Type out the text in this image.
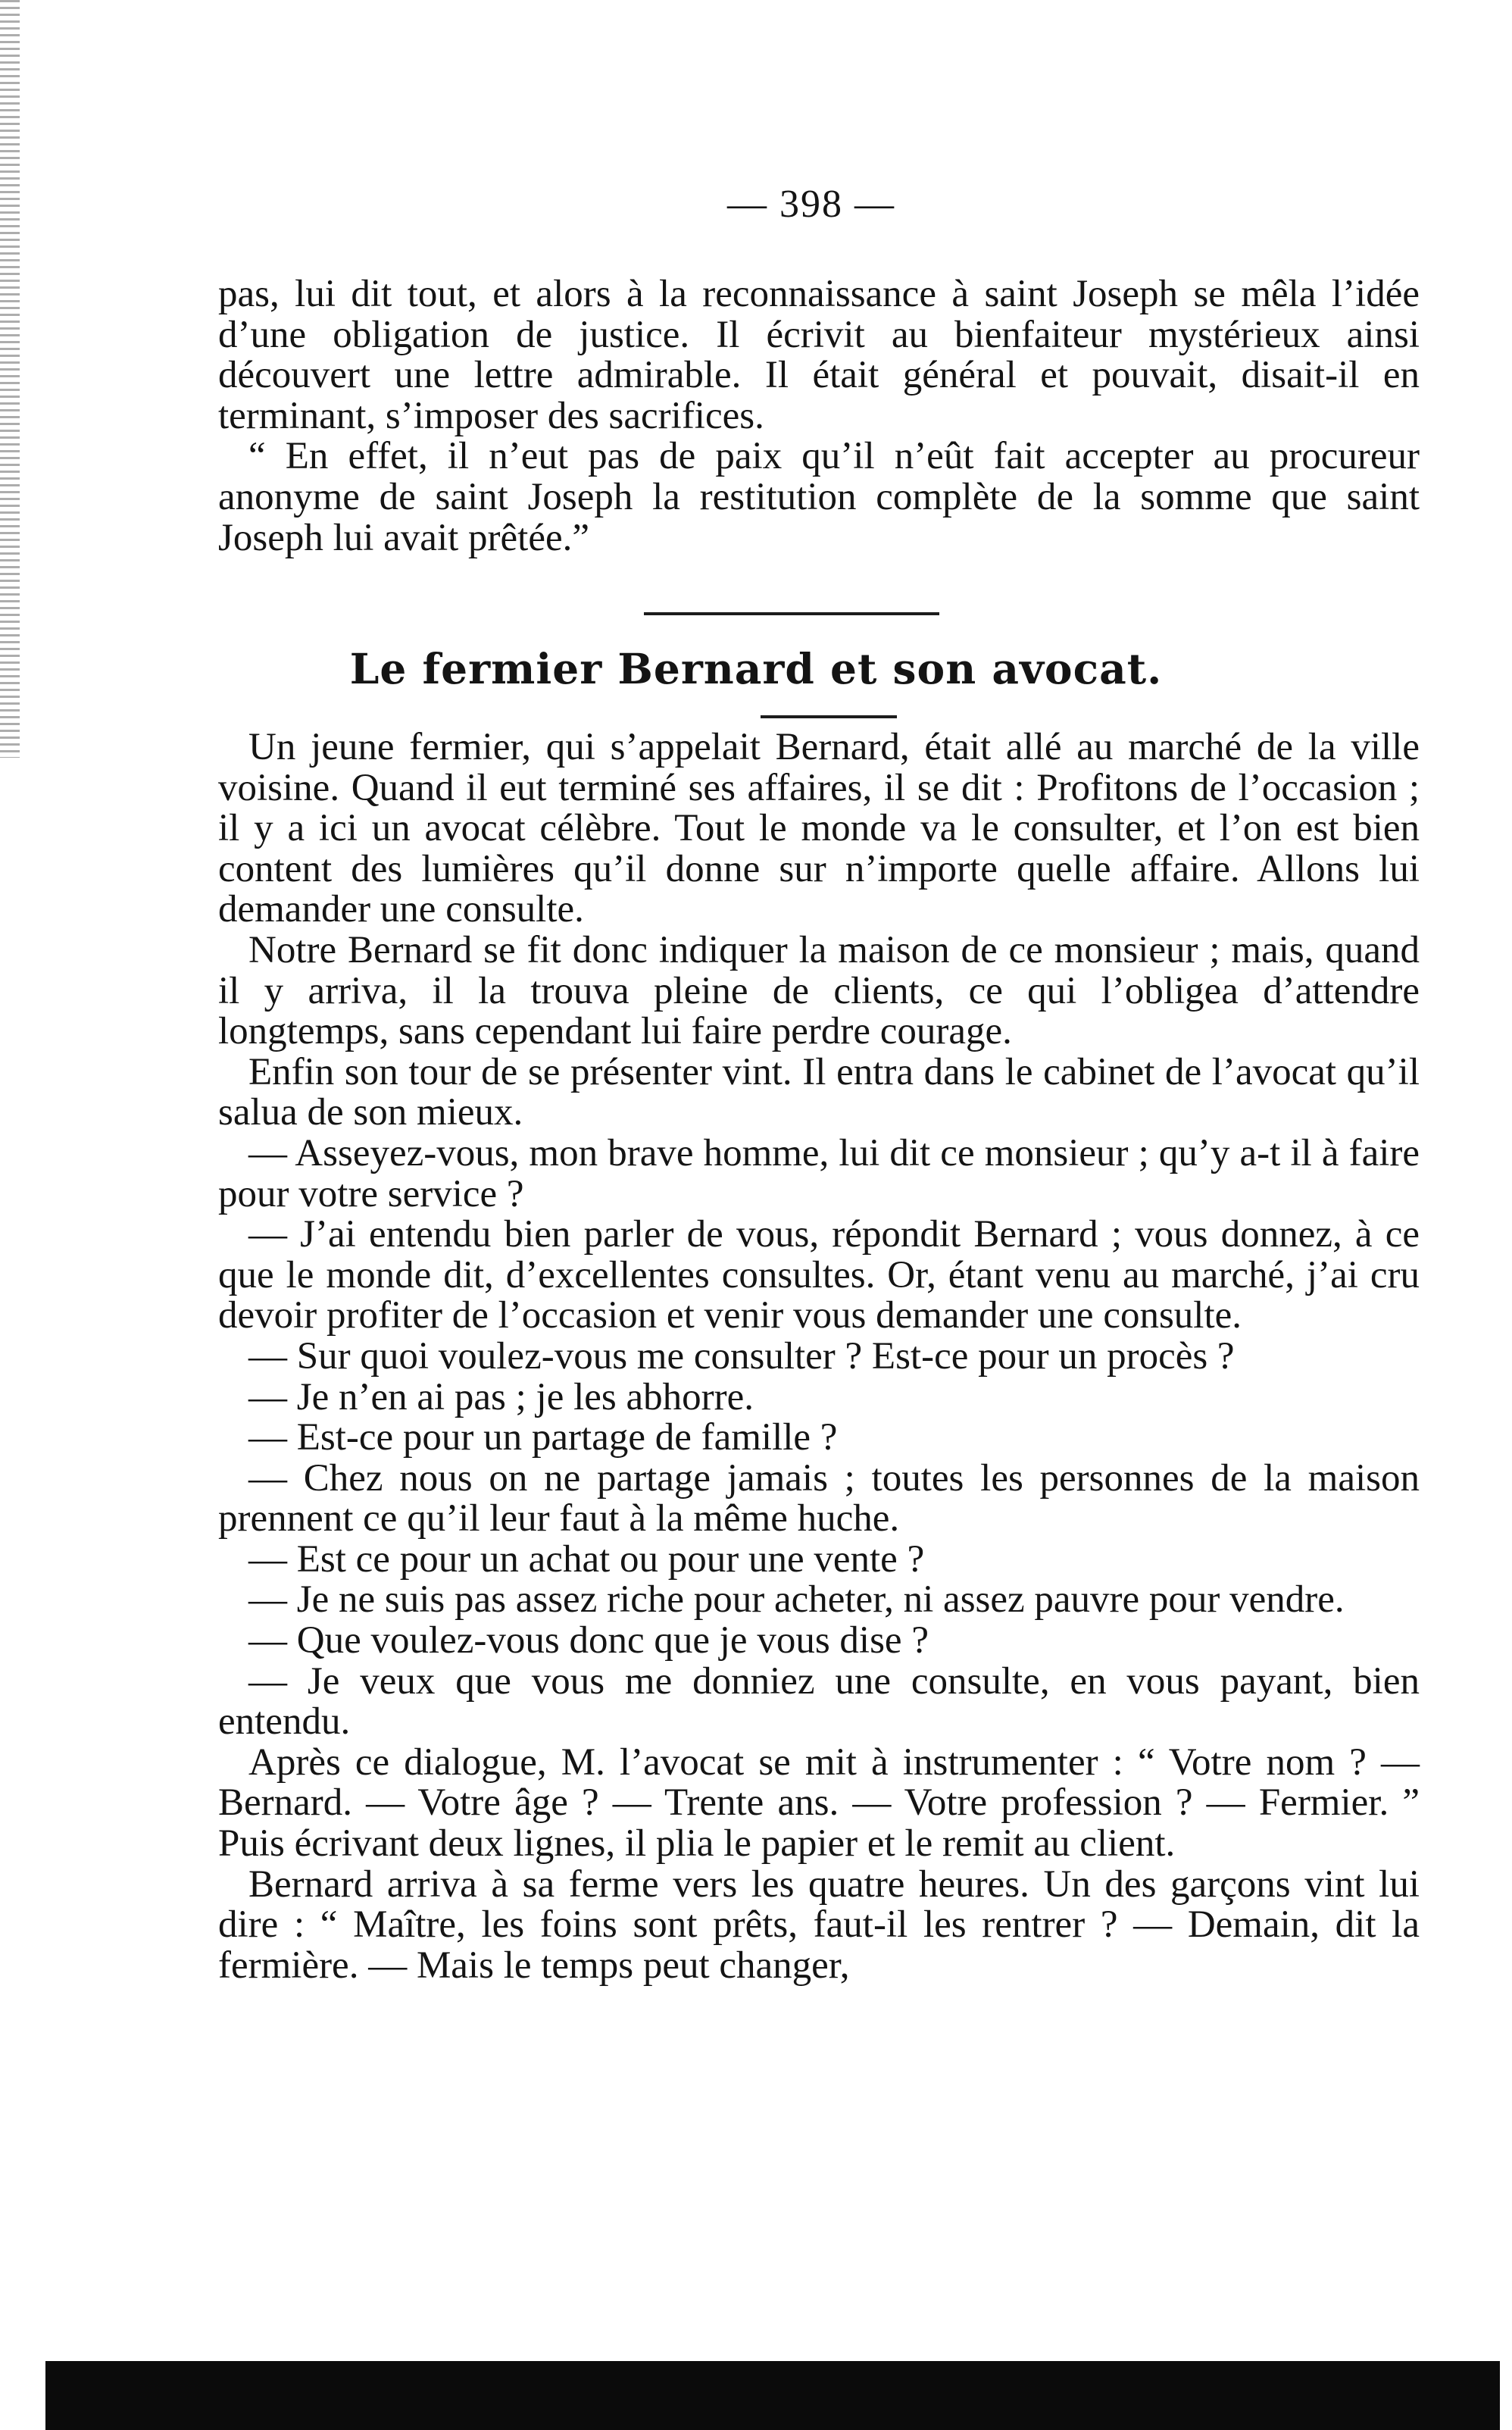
— 398 —

pas, lui dit tout, et alors à la reconnaissance à saint Joseph se mêla l’idée d’une obligation de justice. Il écrivit au bienfaiteur mystérieux ainsi découvert une lettre admirable. Il était général et pouvait, disait-il en terminant, s’imposer des sacrifices.

“ En effet, il n’eut pas de paix qu’il n’eût fait accepter au procureur anonyme de saint Joseph la restitution complète de la somme que saint Joseph lui avait prêtée.”

Le fermier Bernard et son avocat.

Un jeune fermier, qui s’appelait Bernard, était allé au marché de la ville voisine. Quand il eut terminé ses affaires, il se dit : Profitons de l’occasion ; il y a ici un avocat célèbre. Tout le monde va le consulter, et l’on est bien content des lumières qu’il donne sur n’importe quelle affaire. Allons lui demander une consulte.

Notre Bernard se fit donc indiquer la maison de ce monsieur ; mais, quand il y arriva, il la trouva pleine de clients, ce qui l’obligea d’attendre longtemps, sans cependant lui faire perdre courage.

Enfin son tour de se présenter vint. Il entra dans le cabinet de l’avocat qu’il salua de son mieux.

— Asseyez-vous, mon brave homme, lui dit ce monsieur ; qu’y a-t il à faire pour votre service ?

— J’ai entendu bien parler de vous, répondit Bernard ; vous donnez, à ce que le monde dit, d’excellentes consultes. Or, étant venu au marché, j’ai cru devoir profiter de l’occasion et venir vous demander une consulte.

— Sur quoi voulez-vous me consulter ? Est-ce pour un procès ?

— Je n’en ai pas ; je les abhorre.

— Est-ce pour un partage de famille ?

— Chez nous on ne partage jamais ; toutes les personnes de la maison prennent ce qu’il leur faut à la même huche.

— Est ce pour un achat ou pour une vente ?

— Je ne suis pas assez riche pour acheter, ni assez pauvre pour vendre.

— Que voulez-vous donc que je vous dise ?

— Je veux que vous me donniez une consulte, en vous payant, bien entendu.

Après ce dialogue, M. l’avocat se mit à instrumenter : “ Votre nom ? — Bernard. — Votre âge ? — Trente ans. — Votre profession ? — Fermier. ” Puis écrivant deux lignes, il plia le papier et le remit au client.

Bernard arriva à sa ferme vers les quatre heures. Un des garçons vint lui dire : “ Maître, les foins sont prêts, faut-il les rentrer ? — Demain, dit la fermière. — Mais le temps peut changer,
